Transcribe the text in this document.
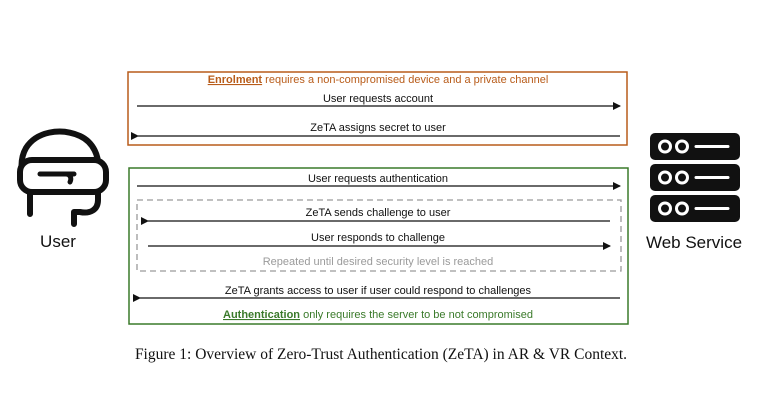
User	Web Service
Enrolment requires a non-compromised device and a private channel
User requests account
ZeTA assigns secret to user
User requests authentication
ZeTA sends challenge to user
User responds to challenge
Repeated until desired security level is reached
ZeTA grants access to user if user could respond to challenges
Authentication only requires the server to be not compromised
Figure 1: Overview of Zero-Trust Authentication (ZeTA) in AR & VR Context.
